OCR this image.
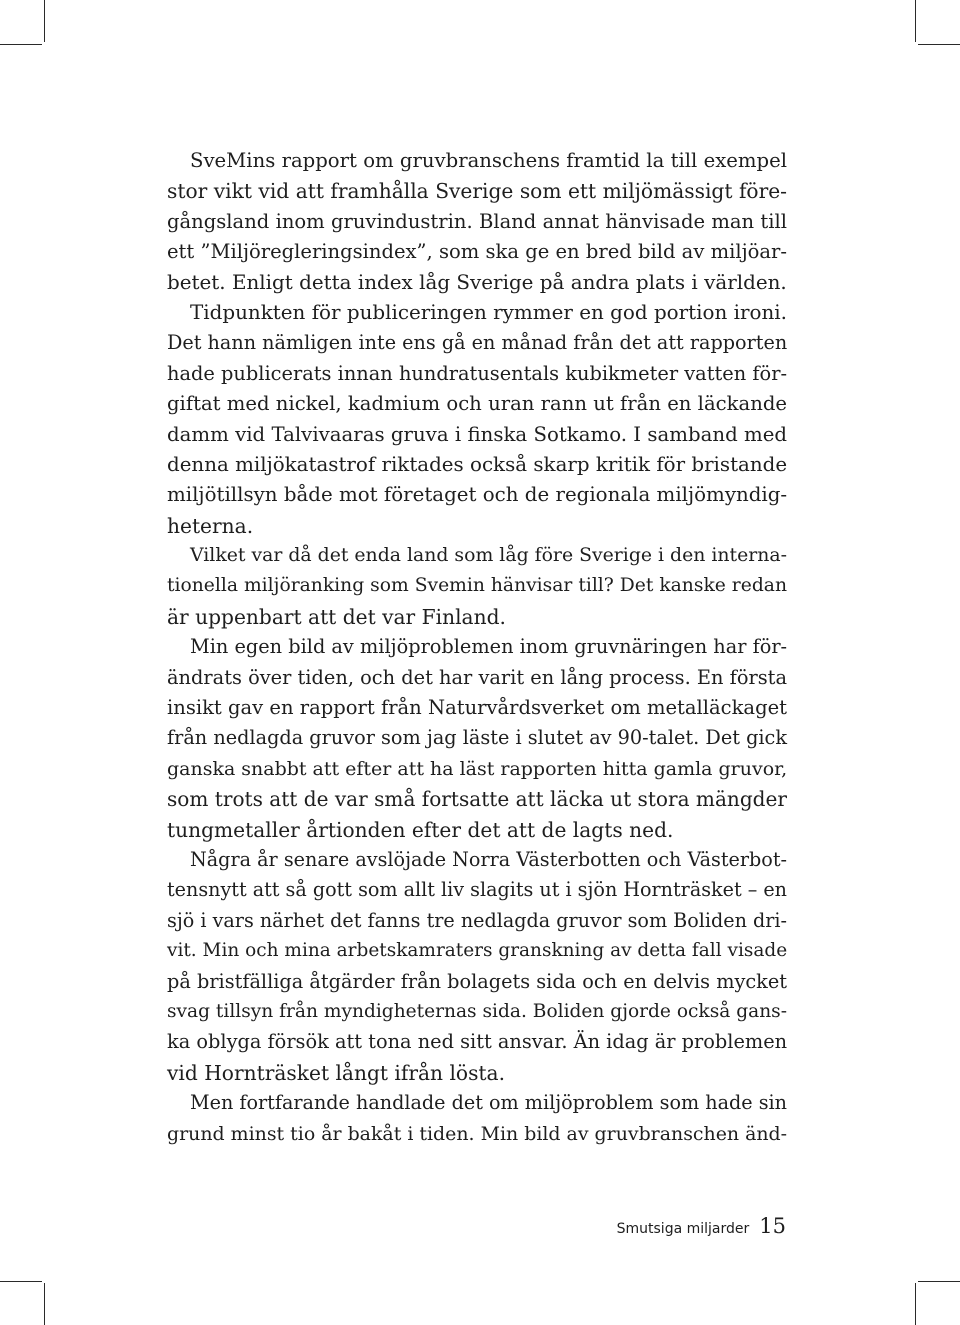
SveMins rapport om gruvbranschens framtid la till exempel
stor vikt vid att framhålla Sverige som ett miljömässigt före-
gångsland inom gruvindustrin. Bland annat hänvisade man till
ett ”Miljöregleringsindex”, som ska ge en bred bild av miljöar-
betet. Enligt detta index låg Sverige på andra plats i världen.
Tidpunkten för publiceringen rymmer en god portion ironi.
Det hann nämligen inte ens gå en månad från det att rapporten
hade publicerats innan hundratusentals kubikmeter vatten för-
giftat med nickel, kadmium och uran rann ut från en läckande
damm vid Talvivaaras gruva i finska Sotkamo. I samband med
denna miljökatastrof riktades också skarp kritik för bristande
miljötillsyn både mot företaget och de regionala miljömyndig-
heterna.
Vilket var då det enda land som låg före Sverige i den interna-
tionella miljöranking som Svemin hänvisar till? Det kanske redan
är uppenbart att det var Finland.
Min egen bild av miljöproblemen inom gruvnäringen har för-
ändrats över tiden, och det har varit en lång process. En första
insikt gav en rapport från Naturvårdsverket om metalläckaget
från nedlagda gruvor som jag läste i slutet av 90-talet. Det gick
ganska snabbt att efter att ha läst rapporten hitta gamla gruvor,
som trots att de var små fortsatte att läcka ut stora mängder
tungmetaller årtionden efter det att de lagts ned.
Några år senare avslöjade Norra Västerbotten och Västerbot-
tensnytt att så gott som allt liv slagits ut i sjön Hornträsket – en
sjö i vars närhet det fanns tre nedlagda gruvor som Boliden dri-
vit. Min och mina arbetskamraters granskning av detta fall visade
på bristfälliga åtgärder från bolagets sida och en delvis mycket
svag tillsyn från myndigheternas sida. Boliden gjorde också gans-
ka oblyga försök att tona ned sitt ansvar. Än idag är problemen
vid Hornträsket långt ifrån lösta.
Men fortfarande handlade det om miljöproblem som hade sin
grund minst tio år bakåt i tiden. Min bild av gruvbranschen änd-
Smutsiga miljarder 15
